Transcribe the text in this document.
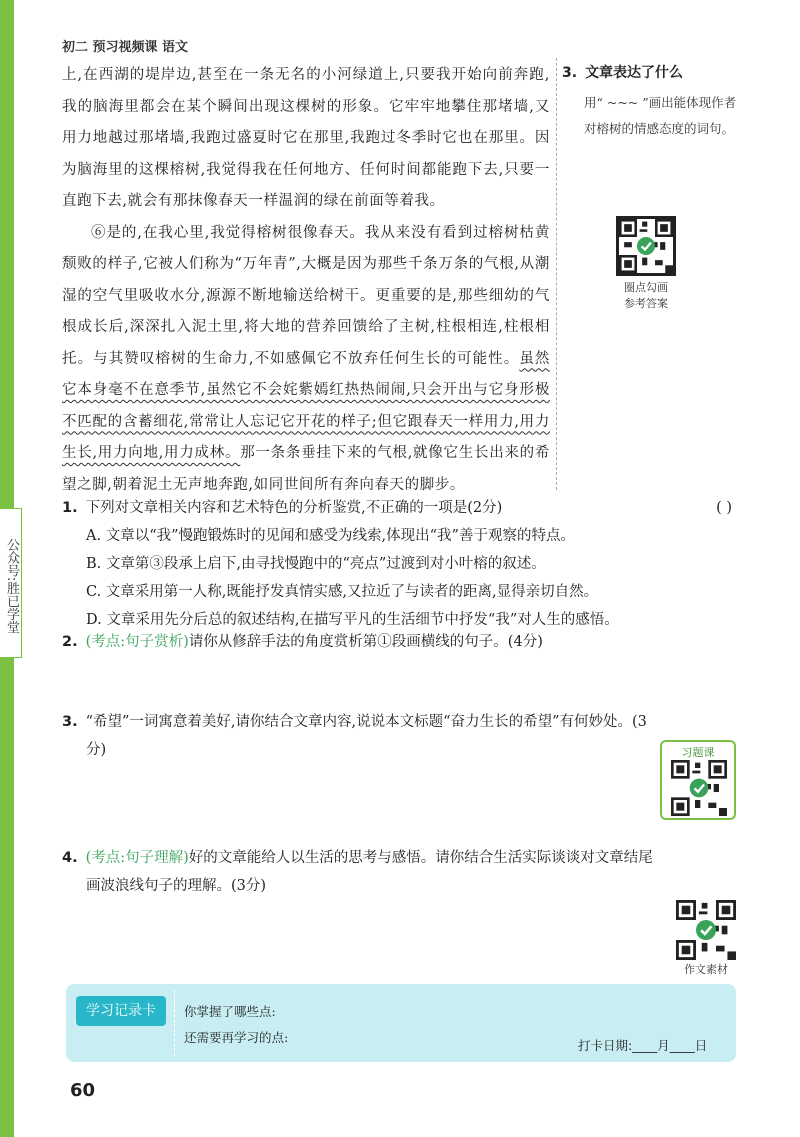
初二 预习视频课 语文

上,在西湖的堤岸边,甚至在一条无名的小河绿道上,只要我开始向前奔跑,我的脑海里都会在某个瞬间出现这棵树的形象。它牢牢地攀住那堵墙,又用力地越过那堵墙,我跑过盛夏时它在那里,我跑过冬季时它也在那里。因为脑海里的这棵榕树,我觉得我在任何地方、任何时间都能跑下去,只要一直跑下去,就会有那抹像春天一样温润的绿在前面等着我。

⑥是的,在我心里,我觉得榕树很像春天。我从来没有看到过榕树枯黄颓败的样子,它被人们称为“万年青”,大概是因为那些千条万条的气根,从潮湿的空气里吸收水分,源源不断地输送给树干。更重要的是,那些细幼的气根成长后,深深扎入泥土里,将大地的营养回馈给了主树,柱根相连,柱根相托。与其赞叹榕树的生命力,不如感佩它不放弃任何生长的可能性。虽然它本身毫不在意季节,虽然它不会姹紫嫣红热热闹闹,只会开出与它身形极不匹配的含蓄细花,常常让人忘记它开花的样子;但它跟春天一样用力,用力生长,用力向地,用力成林。那一条条垂挂下来的气根,就像它生长出来的希望之脚,朝着泥土无声地奔跑,如同世间所有奔向春天的脚步。

3. 文章表达了什么
用“ ~~~ ”画出能体现作者对榕树的情感态度的词句。
圈点勾画
参考答案
公众号:胜已学堂
1. 下列对文章相关内容和艺术特色的分析鉴赏,不正确的一项是(2分)	( )
A. 文章以“我”慢跑锻炼时的见闻和感受为线索,体现出“我”善于观察的特点。
B. 文章第③段承上启下,由寻找慢跑中的“亮点”过渡到对小叶榕的叙述。
C. 文章采用第一人称,既能抒发真情实感,又拉近了与读者的距离,显得亲切自然。
D. 文章采用先分后总的叙述结构,在描写平凡的生活细节中抒发“我”对人生的感悟。
2. (考点:句子赏析)请你从修辞手法的角度赏析第①段画横线的句子。(4分)
3. “希望”一词寓意着美好,请你结合文章内容,说说本文标题“奋力生长的希望”有何妙处。(3
分)
4. (考点:句子理解)好的文章能给人以生活的思考与感悟。请你结合生活实际谈谈对文章结尾
画波浪线句子的理解。(3分)
习题课
作文素材
学习记录卡	你掌握了哪些点:
还需要再学习的点:
打卡日期:____月____日
60
